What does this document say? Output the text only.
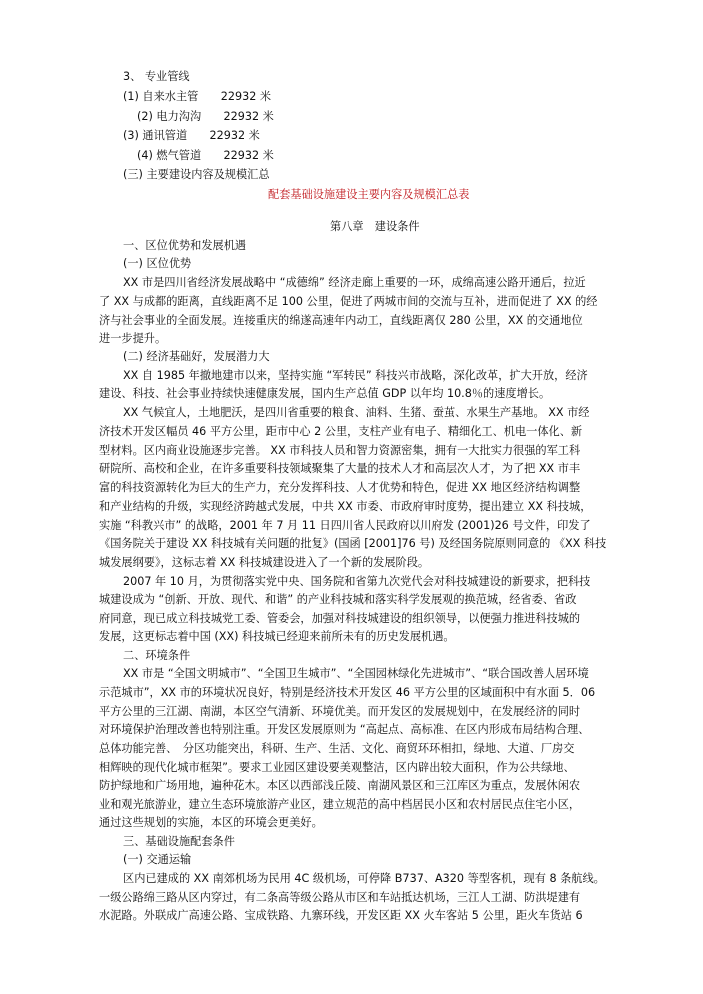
3、 专业管线
(1) 自来水主管　　22932 米
(2) 电力沟沟　　22932 米
(3) 通讯管道　　22932 米
(4) 燃气管道　　22932 米
(三) 主要建设内容及规模汇总
配套基础设施建设主要内容及规模汇总表
第八章　建设条件
一、区位优势和发展机遇
(一) 区位优势
XX 市是四川省经济发展战略中 “成德绵” 经济走廊上重要的一环，成绵高速公路开通后，拉近
了 XX 与成都的距离，直线距离不足 100 公里，促进了两城市间的交流与互补，进而促进了 XX 的经
济与社会事业的全面发展。连接重庆的绵遂高速年内动工，直线距离仅 280 公里，XX 的交通地位
进一步提升。
(二) 经济基础好，发展潜力大
XX 自 1985 年撤地建市以来，坚持实施 “军转民” 科技兴市战略，深化改革，扩大开放，经济
建设、科技、社会事业持续快速健康发展，国内生产总值 GDP 以年均 10.8％的速度增长。
XX 气候宜人，土地肥沃，是四川省重要的粮食、油料、生猪、蚕茧、水果生产基地。 XX 市经
济技术开发区幅员 46 平方公里，距市中心 2 公里，支柱产业有电子、精细化工、机电一体化、新
型材料。区内商业设施逐步完善。 XX 市科技人员和智力资源密集，拥有一大批实力很强的军工科
研院所、高校和企业，在许多重要科技领域聚集了大量的技术人才和高层次人才，为了把 XX 市丰
富的科技资源转化为巨大的生产力，充分发挥科技、人才优势和特色，促进 XX 地区经济结构调整
和产业结构的升级，实现经济跨越式发展，中共 XX 市委、市政府审时度势，提出建立 XX 科技城，
实施 “科教兴市” 的战略，2001 年 7 月 11 日四川省人民政府以川府发 (2001)26 号文件，印发了
《国务院关于建设 XX 科技城有关问题的批复》(国函 [2001]76 号) 及经国务院原则同意的 《XX 科技
城发展纲要》，这标志着 XX 科技城建设进入了一个新的发展阶段。
2007 年 10 月，为贯彻落实党中央、国务院和省第九次党代会对科技城建设的新要求，把科技
城建设成为 “创新、开放、现代、和谐” 的产业科技城和落实科学发展观的换范城，经省委、省政
府同意，现已成立科技城党工委、管委会，加强对科技城建设的组织领导，以便强力推进科技城的
发展，这更标志着中国 (XX) 科技城已经迎来前所未有的历史发展机遇。
二、环境条件
XX 市是 “全国文明城市”、“全国卫生城市”、“全国园林绿化先进城市”、“联合国改善人居环境
示范城市”，XX 市的环境状况良好，特别是经济技术开发区 46 平方公里的区域面积中有水面 5．06
平方公里的三江湖、南湖，本区空气清新、环境优美。而开发区的发展规划中，在发展经济的同时
对环境保护治理改善也特别注重。开发区发展原则为 “高起点、高标准、在区内形成布局结构合理、
总体功能完善、　分区功能突出，科研、生产、生活、文化、商贸环环相扣，绿地、大道、厂房交
相辉映的现代化城市框架”。要求工业园区建设要美观整洁，区内辟出较大面积，作为公共绿地、
防护绿地和广场用地，遍种花木。本区以西部浅丘陵、南湖风景区和三江库区为重点，发展休闲农
业和观光旅游业，建立生态环境旅游产业区，建立规范的高中档居民小区和农村居民点住宅小区，
通过这些规划的实施，本区的环境会更美好。
三、基础设施配套条件
(一) 交通运输
区内已建成的 XX 南郊机场为民用 4C 级机场，可停降 B737、A320 等型客机，现有 8 条航线。
一级公路绵三路从区内穿过，有二条高等级公路从市区和车站抵达机场，三江人工湖、防洪堤建有
水泥路。外联成广高速公路、宝成铁路、九寨环线，开发区距 XX 火车客站 5 公里，距火车货站 6
